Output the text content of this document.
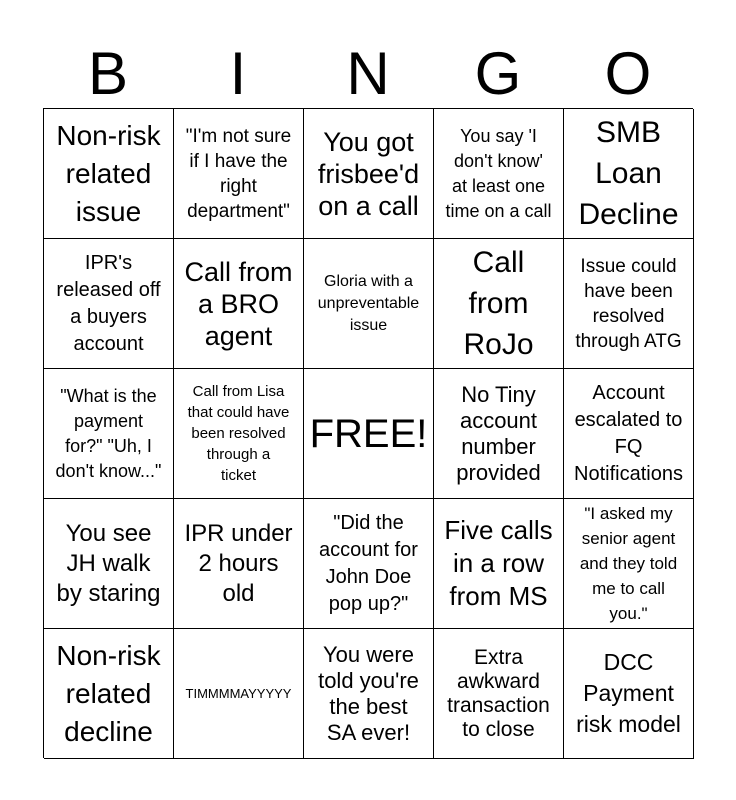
B	I	N	G	O
Non-risk
related
issue
"I'm not sure
if I have the
right
department"
You got
frisbee'd
on a call
You say 'I
don't know'
at least one
time on a call
SMB
Loan
Decline
IPR's
released off
a buyers
account
Call from
a BRO
agent
Gloria with a
unpreventable
issue
Call
from
RoJo
Issue could
have been
resolved
through ATG
"What is the
payment
for?" "Uh, I
don't know..."
Call from Lisa
that could have
been resolved
through a
ticket
FREE!
No Tiny
account
number
provided
Account
escalated to
FQ
Notifications
You see
JH walk
by staring
IPR under
2 hours
old
"Did the
account for
John Doe
pop up?"
Five calls
in a row
from MS
"I asked my
senior agent
and they told
me to call
you."
Non-risk
related
decline
TIMMMMAYYYYY
You were
told you're
the best
SA ever!
Extra
awkward
transaction
to close
DCC
Payment
risk model
